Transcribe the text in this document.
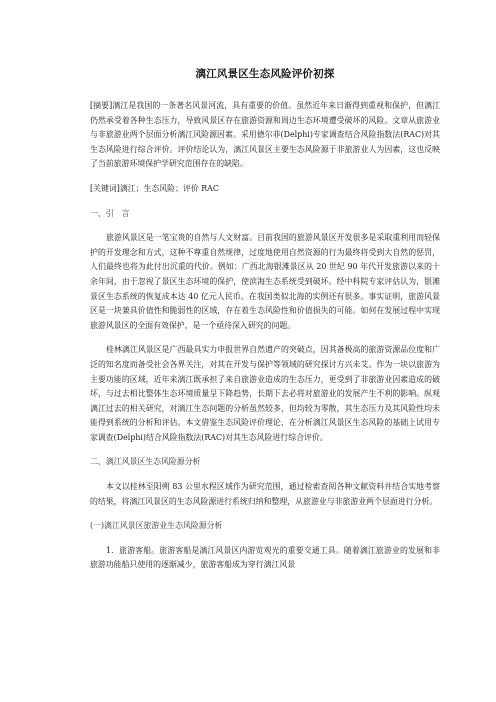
漓江风景区生态风险评价初探

[摘要]漓江是我国的一条著名风景河流，具有重要的价值。虽然近年来日渐得到重视和保护，但漓江仍然承受着各种生态压力，导致风景区存在旅游资源和周边生态环境遭受破坏的风险。文章从旅游业与非旅游业两个层面分析漓江风险源因素。采用德尔菲(Delphi)专家调查结合风险指数法(RAC)对其生态风险进行综合评价。评价结论认为，漓江风景区主要生态风险源于非旅游业人为因素，这也反映了当前旅游环境保护学研究范围存在的缺陷。

[关键词]漓江；生态风险；评价 RAC

一、引　言

旅游风景区是一笔宝贵的自然与人文财富。目前我国的旅游风景区开发很多是采取重利用而轻保护的开发理念和方式，这种不尊重自然规律，过度地使用自然资源的行为最终将受到大自然的惩罚，人们最终也将为此付出沉重的代价。例如：广西北海银滩景区从 20 世纪 90 年代开发旅游以来的十余年间，由于忽视了景区生态环境的保护，使滨海生态系统受到破坏。经中科院专家评估认为，银滩景区生态系统的恢复成本达 40 亿元人民币。在我国类似北海的实例还有很多。事实证明，旅游风景区是一块兼具价值性和脆弱性的区域，存在着生态风险性和价值损失的可能。如何在发展过程中实现旅游风景区的全面有效保护，是一个亟待深入研究的问题。

桂林漓江风景区是广西最具实力申报世界自然遗产的突破点，因其备极高的旅游资源品位度和广泛的知名度而备受社会各界关注，对其在开发与保护等领域的研究探讨方兴未艾。作为一块以旅游为主要功能的区域，近年来漓江既承担了来自旅游业造成的生态压力，更受到了非旅游业因素造成的破坏，与过去相比整体生态环境质量呈下降趋势，长期下去必将对旅游业的发展产生不利的影响。纵观漓江过去的相关研究，对漓江生态问题的分析虽然较多，但均较为零散，其生态压力及其风险性均未能得到系统的分析和评估。本文借鉴生态风险评价理论，在分析漓江风景区生态风险的基础上试用专家调查(Delphi)结合风险指数法(RAC)对其生态风险进行综合评价。

二、漓江风景区生态风险源分析

本文以桂林至阳朔 83 公里水程区域作为研究范围，通过检索查阅各种文献资料并结合实地考察的结果，将漓江风景区的生态风险源进行系统归纳和整理，从旅游业与非旅游业两个层面进行分析。

(一)漓江风景区旅游业生态风险源分析

1．旅游客船。旅游客船是漓江风景区内游览观光的重要交通工具。随着漓江旅游业的发展和非旅游功能船只使用的逐渐减少，旅游客船成为穿行漓江风景
